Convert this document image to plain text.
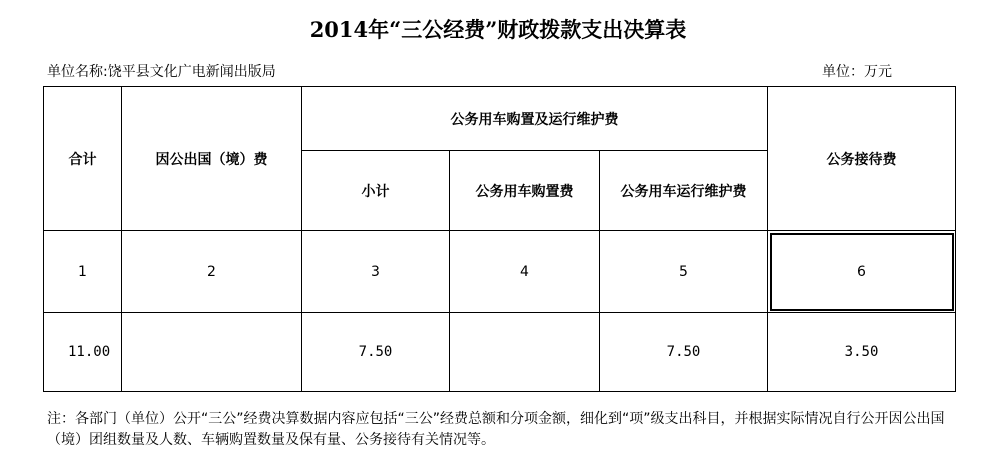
2014年“三公经费”财政拨款支出决算表
单位名称:饶平县文化广电新闻出版局	单位：万元
合计	因公出国（境）费	公务用车购置及运行维护费			公务接待费
		小计	公务用车购置费	公务用车运行维护费	
1	2	3	4	5	6
11.00		7.50		7.50	3.50
注：各部门（单位）公开“三公”经费决算数据内容应包括“三公”经费总额和分项金额，细化到“项”级支出科目，并根据实际情况自行公开因公出国（境）团组数量及人数、车辆购置数量及保有量、公务接待有关情况等。
